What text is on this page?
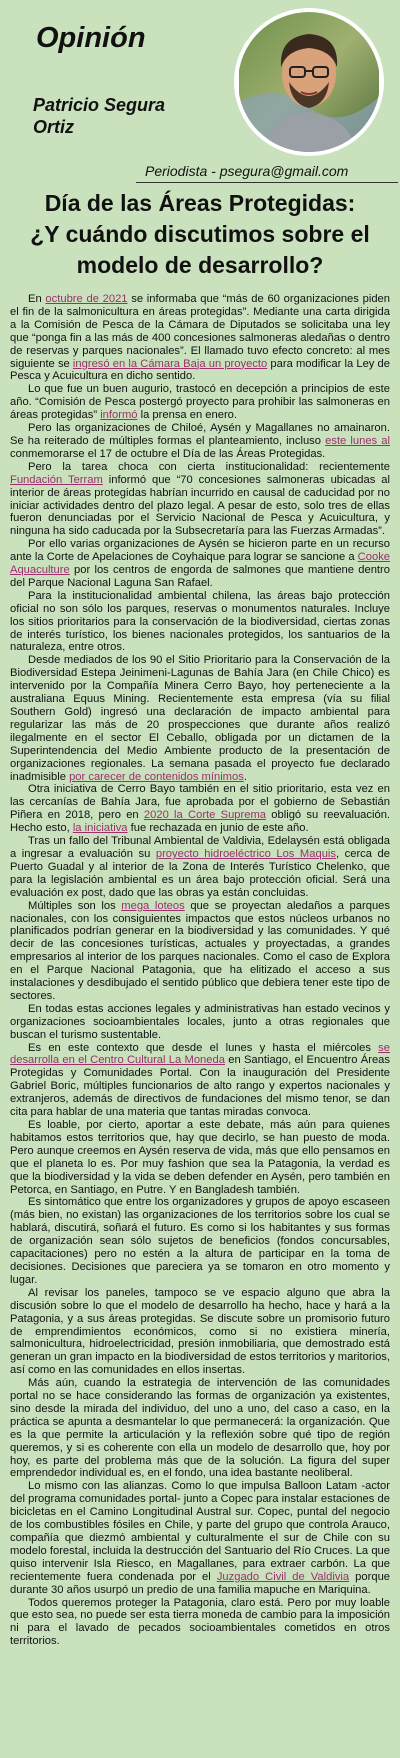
Opinión
Patricio Segura
Ortiz
Periodista - psegura@gmail.com
Día de las Áreas Protegidas:
¿Y cuándo discutimos sobre el
modelo de desarrollo?

En octubre de 2021 se informaba que “más de 60 organizaciones piden el fin de la salmonicultura en áreas protegidas”. Mediante una carta dirigida a la Comisión de Pesca de la Cámara de Diputados se solicitaba una ley que “ponga fin a las más de 400 concesiones salmoneras aledañas o dentro de reservas y parques nacionales”. El llamado tuvo efecto concreto: al mes siguiente se ingresó en la Cámara Baja un proyecto para modificar la Ley de Pesca y Acuicultura en dicho sentido.

Lo que fue un buen augurio, trastocó en decepción a principios de este año. “Comisión de Pesca postergó proyecto para prohibir las salmoneras en áreas protegidas” informó la prensa en enero.

Pero las organizaciones de Chiloé, Aysén y Magallanes no amainaron. Se ha reiterado de múltiples formas el planteamiento, incluso este lunes al conmemorarse el 17 de octubre el Día de las Áreas Protegidas.

Pero la tarea choca con cierta institucionalidad: recientemente Fundación Terram informó que “70 concesiones salmoneras ubicadas al interior de áreas protegidas habrían incurrido en causal de caducidad por no iniciar actividades dentro del plazo legal. A pesar de esto, solo tres de ellas fueron denunciadas por el Servicio Nacional de Pesca y Acuicultura, y ninguna ha sido caducada por la Subsecretaría para las Fuerzas Armadas”.

Por ello varias organizaciones de Aysén se hicieron parte en un recurso ante la Corte de Apelaciones de Coyhaique para lograr se sancione a Cooke Aquaculture por los centros de engorda de salmones que mantiene dentro del Parque Nacional Laguna San Rafael.

Para la institucionalidad ambiental chilena, las áreas bajo protección oficial no son sólo los parques, reservas o monumentos naturales. Incluye los sitios prioritarios para la conservación de la biodiversidad, ciertas zonas de interés turístico, los bienes nacionales protegidos, los santuarios de la naturaleza, entre otros.

Desde mediados de los 90 el Sitio Prioritario para la Conservación de la Biodiversidad Estepa Jeinimeni-Lagunas de Bahía Jara (en Chile Chico) es intervenido por la Compañía Minera Cerro Bayo, hoy perteneciente a la australiana Equus Mining. Recientemente esta empresa (vía su filial Southern Gold) ingresó una declaración de impacto ambiental para regularizar las más de 20 prospecciones que durante años realizó ilegalmente en el sector El Ceballo, obligada por un dictamen de la Superintendencia del Medio Ambiente producto de la presentación de organizaciones regionales. La semana pasada el proyecto fue declarado inadmisible por carecer de contenidos mínimos.

Otra iniciativa de Cerro Bayo también en el sitio prioritario, esta vez en las cercanías de Bahía Jara, fue aprobada por el gobierno de Sebastián Piñera en 2018, pero en 2020 la Corte Suprema obligó su reevaluación. Hecho esto, la iniciativa fue rechazada en junio de este año.

Tras un fallo del Tribunal Ambiental de Valdivia, Edelaysén está obligada a ingresar a evaluación su proyecto hidroeléctrico Los Maquis, cerca de Puerto Guadal y al interior de la Zona de Interés Turístico Chelenko, que para la legislación ambiental es un área bajo protección oficial. Será una evaluación ex post, dado que las obras ya están concluidas.

Múltiples son los mega loteos que se proyectan aledaños a parques nacionales, con los consiguientes impactos que estos núcleos urbanos no planificados podrían generar en la biodiversidad y las comunidades. Y qué decir de las concesiones turísticas, actuales y proyectadas, a grandes empresarios al interior de los parques nacionales. Como el caso de Explora en el Parque Nacional Patagonia, que ha elitizado el acceso a sus instalaciones y desdibujado el sentido público que debiera tener este tipo de sectores.

En todas estas acciones legales y administrativas han estado vecinos y organizaciones socioambientales locales, junto a otras regionales que buscan el turismo sustentable.

Es en este contexto que desde el lunes y hasta el miércoles se desarrolla en el Centro Cultural La Moneda en Santiago, el Encuentro Áreas Protegidas y Comunidades Portal. Con la inauguración del Presidente Gabriel Boric, múltiples funcionarios de alto rango y expertos nacionales y extranjeros, además de directivos de fundaciones del mismo tenor, se dan cita para hablar de una materia que tantas miradas convoca.

Es loable, por cierto, aportar a este debate, más aún para quienes habitamos estos territorios que, hay que decirlo, se han puesto de moda. Pero aunque creemos en Aysén reserva de vida, más que ello pensamos en que el planeta lo es. Por muy fashion que sea la Patagonia, la verdad es que la biodiversidad y la vida se deben defender en Aysén, pero también en Petorca, en Santiago, en Putre. Y en Bangladesh también.

Es sintomático que entre los organizadores y grupos de apoyo escaseen (más bien, no existan) las organizaciones de los territorios sobre los cual se hablará, discutirá, soñará el futuro. Es como si los habitantes y sus formas de organización sean sólo sujetos de beneficios (fondos concursables, capacitaciones) pero no estén a la altura de participar en la toma de decisiones. Decisiones que pareciera ya se tomaron en otro momento y lugar.

Al revisar los paneles, tampoco se ve espacio alguno que abra la discusión sobre lo que el modelo de desarrollo ha hecho, hace y hará a la Patagonia, y a sus áreas protegidas. Se discute sobre un promisorio futuro de emprendimientos económicos, como si no existiera minería, salmonicultura, hidroelectricidad, presión inmobiliaria, que demostrado está generan un gran impacto en la biodiversidad de estos territorios y maritorios, así como en las comunidades en ellos insertas.

Más aún, cuando la estrategia de intervención de las comunidades portal no se hace considerando las formas de organización ya existentes, sino desde la mirada del individuo, del uno a uno, del caso a caso, en la práctica se apunta a desmantelar lo que permanecerá: la organización. Que es la que permite la articulación y la reflexión sobre qué tipo de región queremos, y si es coherente con ella un modelo de desarrollo que, hoy por hoy, es parte del problema más que de la solución. La figura del super emprendedor individual es, en el fondo, una idea bastante neoliberal.

Lo mismo con las alianzas. Como lo que impulsa Balloon Latam -actor del programa comunidades portal- junto a Copec para instalar estaciones de bicicletas en el Camino Longitudinal Austral sur. Copec, puntal del negocio de los combustibles fósiles en Chile, y parte del grupo que controla Arauco, compañía que diezmó ambiental y culturalmente el sur de Chile con su modelo forestal, incluida la destrucción del Santuario del Río Cruces. La que quiso intervenir Isla Riesco, en Magallanes, para extraer carbón. La que recientemente fuera condenada por el Juzgado Civil de Valdivia porque durante 30 años usurpó un predio de una familia mapuche en Mariquina.

Todos queremos proteger la Patagonia, claro está. Pero por muy loable que esto sea, no puede ser esta tierra moneda de cambio para la imposición ni para el lavado de pecados socioambientales cometidos en otros territorios.
